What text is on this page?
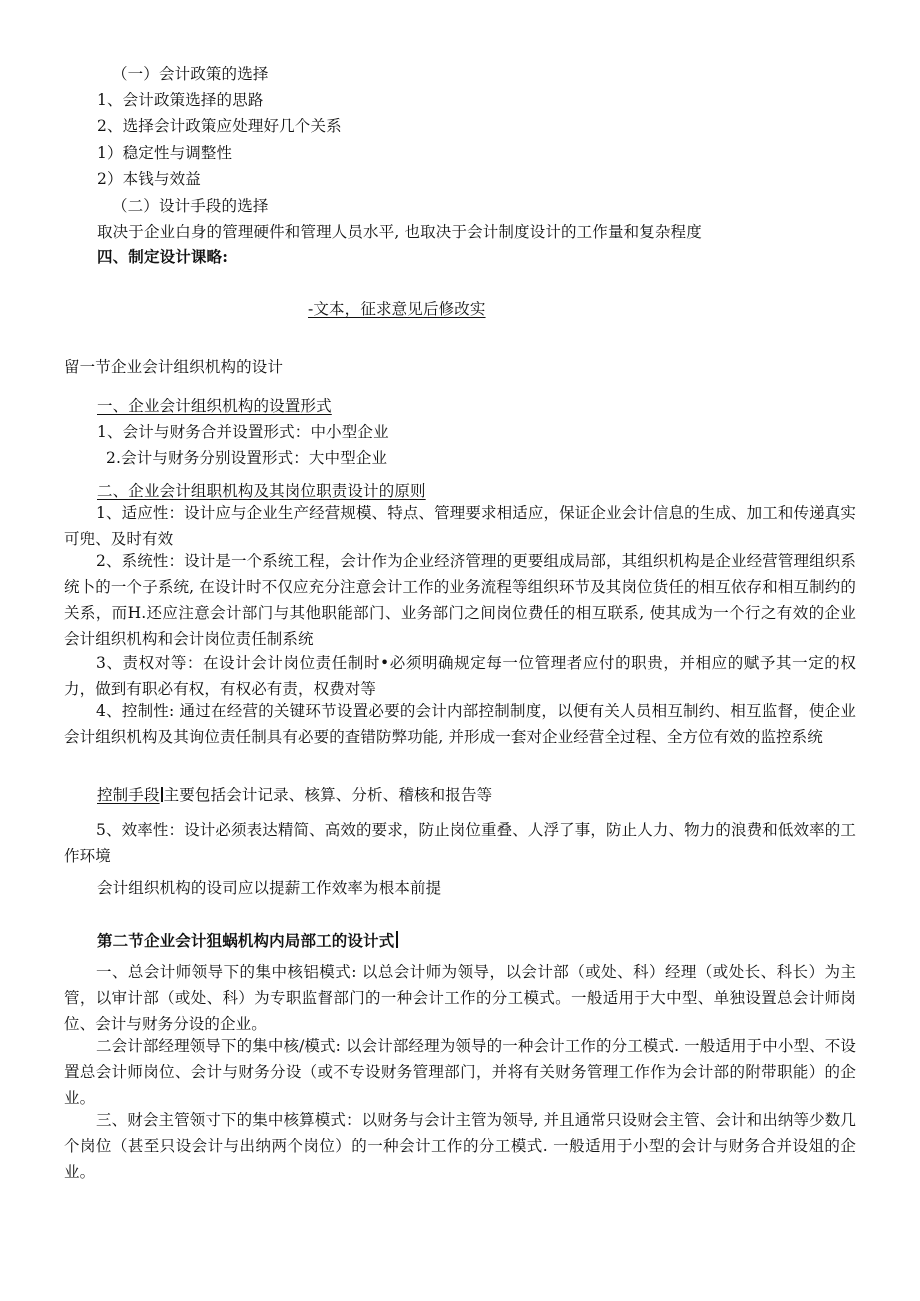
（一）会计政策的选择
1、会计政策选择的思路
2、选择会计政策应处理好几个关系
1）稳定性与调整性
2）本钱与效益
（二）设计手段的选择
取决于企业白身的管理硬件和管理人员水平, 也取决于会计制度设计的工作量和复杂程度
四、制定设计课略:
-文本，征求意见后修改实
留一节企业会计组织机构的设计
一、企业会计组织机构的设置形式
1、会计与财务合并设置形式：中小型企业
2.会计与财务分别设置形式：大中型企业
二、企业会计组职机构及其岗位职责设计的原则
1、适应性：设计应与企业生产经营规模、特点、管理要求相适应，保证企业会计信息的生成、加工和传递真实可兜、及时有效
2、系统性：设计是一个系统工程，会计作为企业经济管理的更要组成局部，其组织机构是企业经营管理组织系统卜的一个子系统, 在设计时不仅应充分注意会计工作的业务流程等组织环节及其岗位货任的相互依存和相互制约的关系，而H.还应注意会计部门与其他职能部门、业务部门之间岗位费任的相互联系, 使其成为一个行之有效的企业会计组织机构和会计岗位责任制系统
3、责权对等：在设计会计岗位责任制时•必须明确规定每一位管理者应付的职贵，并相应的赋予其一定的权力，做到有职必有权，有权必有责，权费对等
4、控制性: 通过在经营的关键环节设置必要的会计内部控制制度，以便有关人员相互制约、相互监督，使企业会计组织机构及其询位责任制具有必要的査错防弊功能, 并形成一套对企业经营全过程、全方位有效的监控系统
控制手段 主要包括会计记录、核算、分析、稽核和报告等
5、效率性：设计必须表达精简、高效的要求，防止岗位重叠、人浮了事，防止人力、物力的浪费和低效率的工作环境
会计组织机构的设司应以提薪工作效率为根本前提
第二节企业会计狙蜗机构内局部工的设计式
一、总会计师领导下的集中核铝模式: 以总会计师为领导，以会计部（或处、科）经理（或处长、科长）为主管，以审计部（或处、科）为专职监督部门的一种会计工作的分工模式。一般适用于大中型、单独设置总会计师岗位、会计与财务分设的企业。
二会计部经理领导下的集中核/模式: 以会计部经理为领导的一种会计工作的分工模式. 一般适用于中小型、不设置总会计师岗位、会计与财务分设（或不专设财务管理部门，并将有关财务管理工作作为会计部的附带职能）的企业。
三、财会主管领寸下的集中核算模式：以财务与会计主管为领导, 并且通常只设财会主管、会计和出纳等少数几个岗位（甚至只设会计与出纳两个岗位）的一种会计工作的分工模式. 一般适用于小型的会计与财务合并设俎的企业。
